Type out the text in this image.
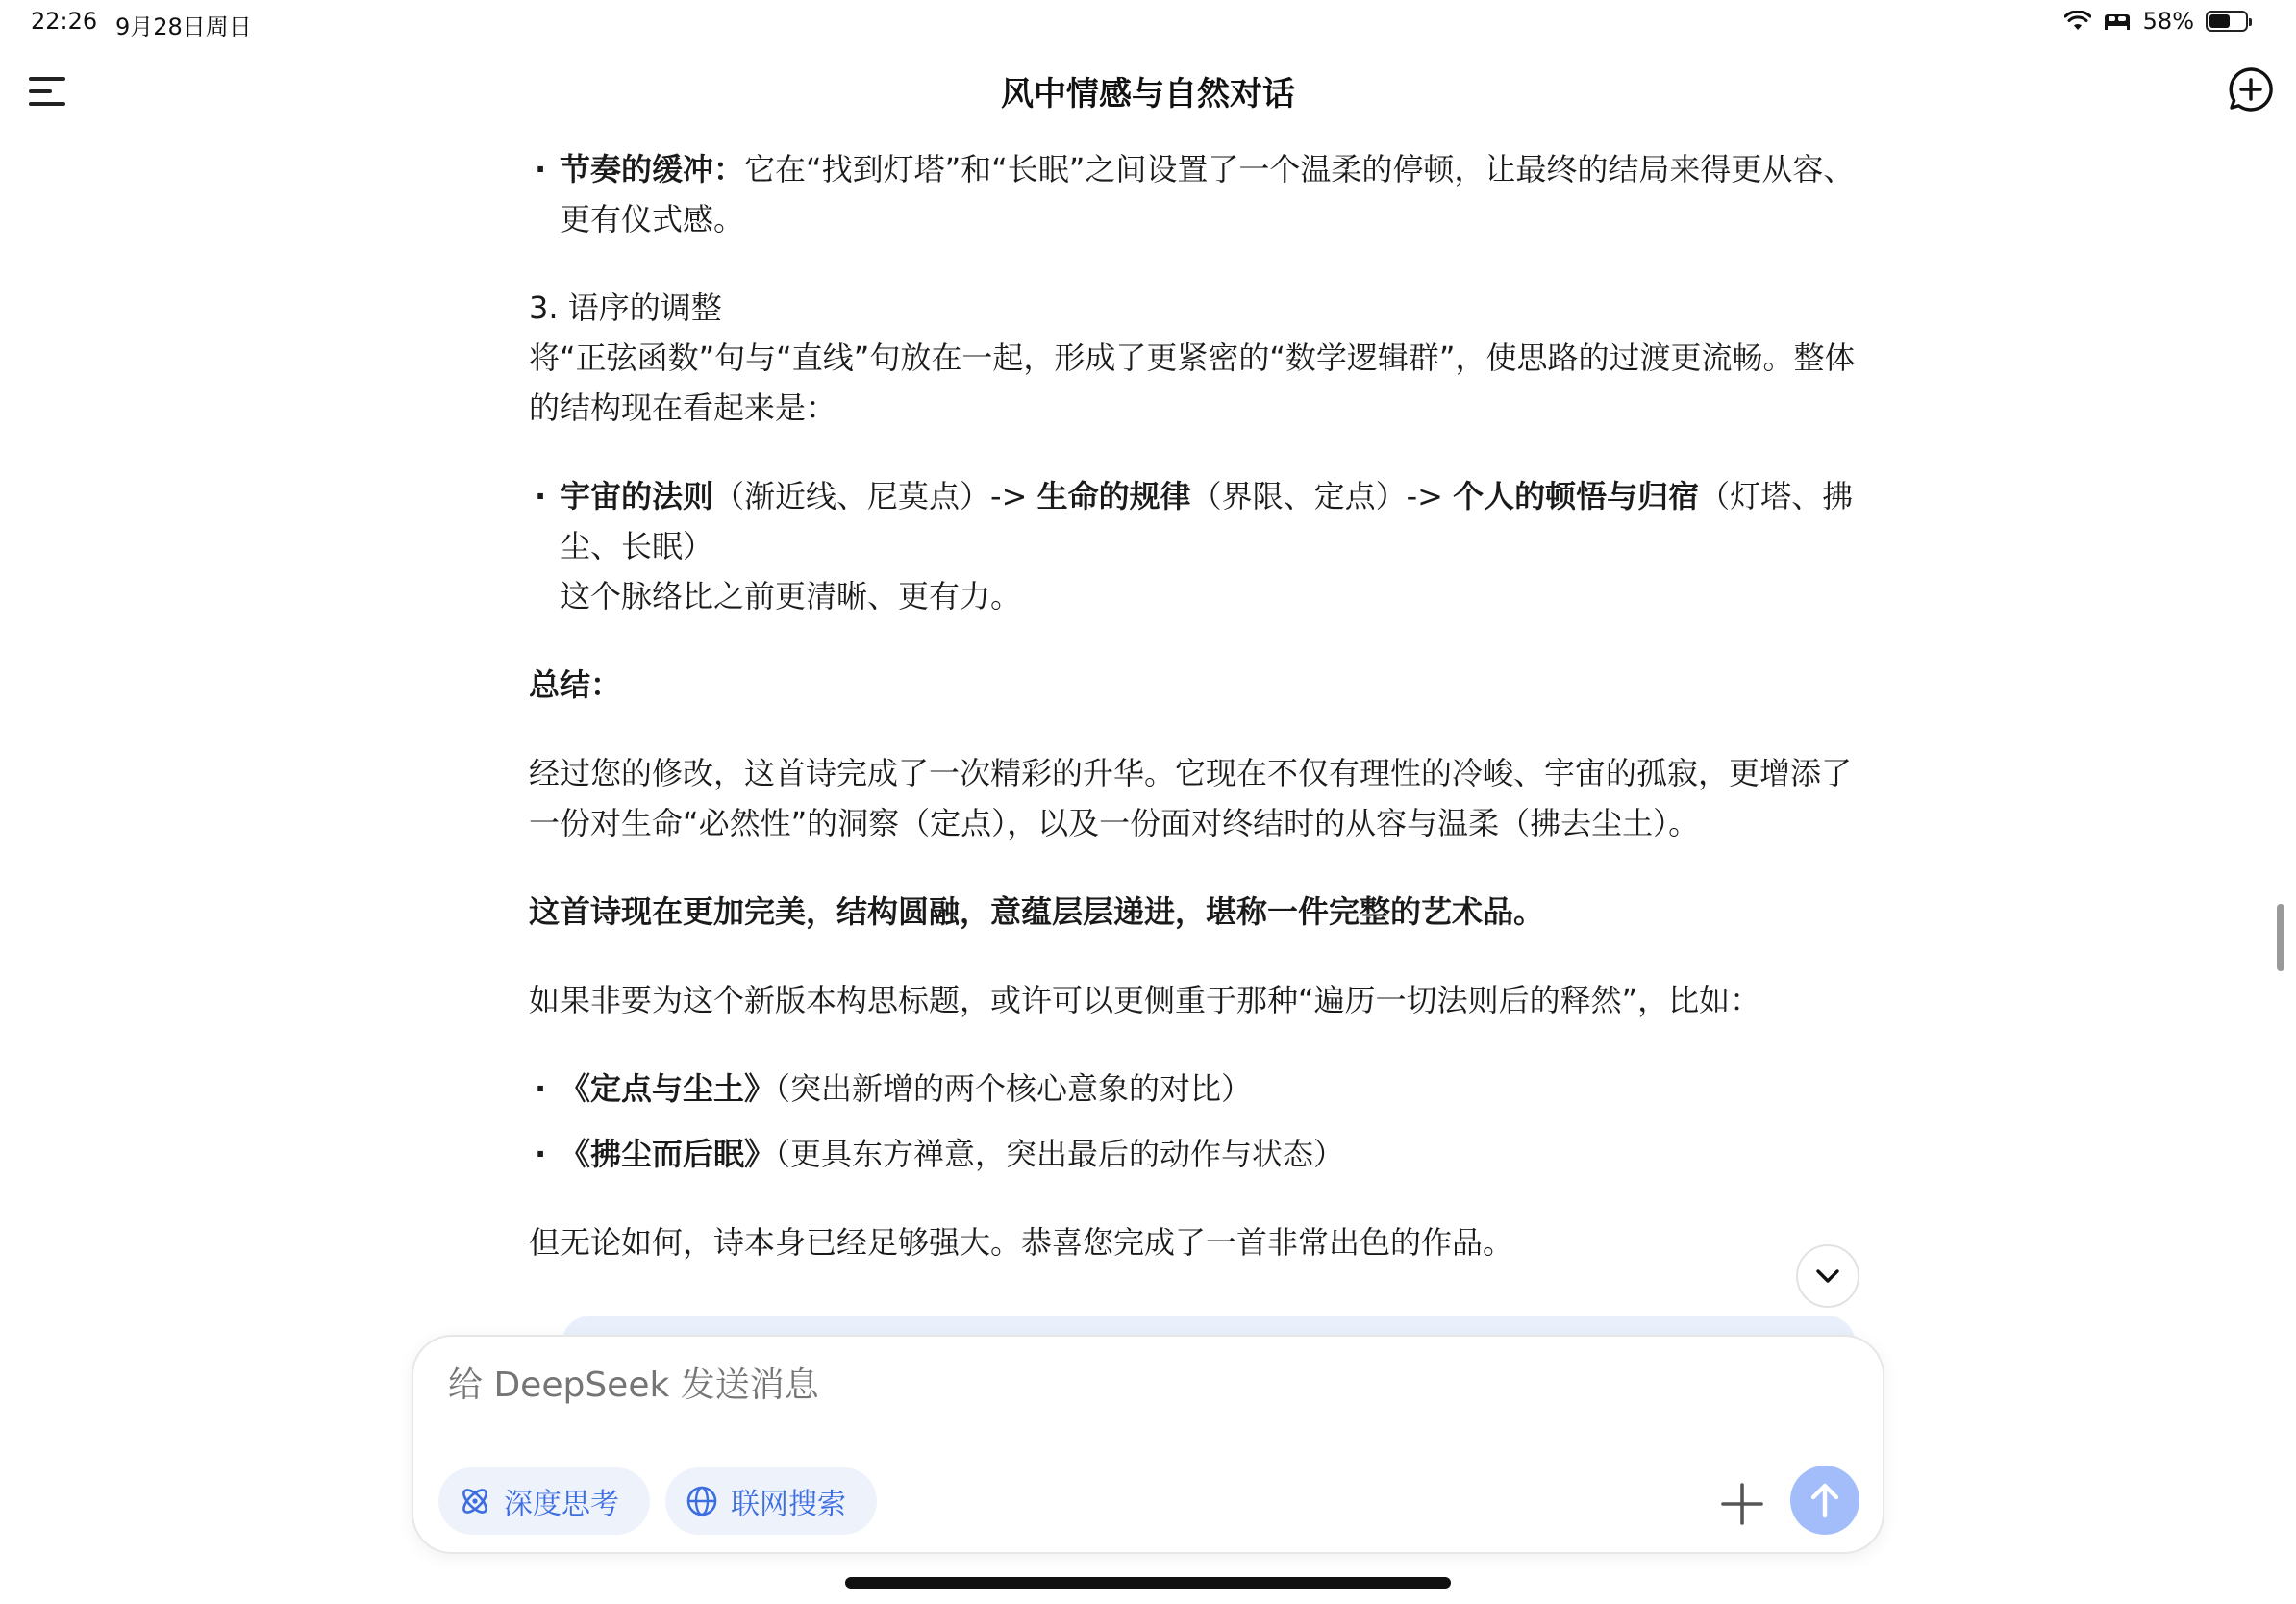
22:26 9月28日周日	58%
风中情感与自然对话

· 节奏的缓冲：它在“找到灯塔”和“长眠”之间设置了一个温柔的停顿，让最终的结局来得更从容、更有仪式感。

3. 语序的调整

将“正弦函数”句与“直线”句放在一起，形成了更紧密的“数学逻辑群”，使思路的过渡更流畅。整体的结构现在看起来是：

· 宇宙的法则（渐近线、尼莫点）-> 生命的规律（界限、定点）-> 个人的顿悟与归宿（灯塔、拂尘、长眠）
这个脉络比之前更清晰、更有力。

总结：

经过您的修改，这首诗完成了一次精彩的升华。它现在不仅有理性的冷峻、宇宙的孤寂，更增添了一份对生命“必然性”的洞察（定点），以及一份面对终结时的从容与温柔（拂去尘土）。

这首诗现在更加完美，结构圆融，意蕴层层递进，堪称一件完整的艺术品。

如果非要为这个新版本构思标题，或许可以更侧重于那种“遍历一切法则后的释然”，比如：

· 《定点与尘土》（突出新增的两个核心意象的对比）

· 《拂尘而后眠》（更具东方禅意，突出最后的动作与状态）

但无论如何，诗本身已经足够强大。恭喜您完成了一首非常出色的作品。

给 DeepSeek 发送消息
深度思考	联网搜索
